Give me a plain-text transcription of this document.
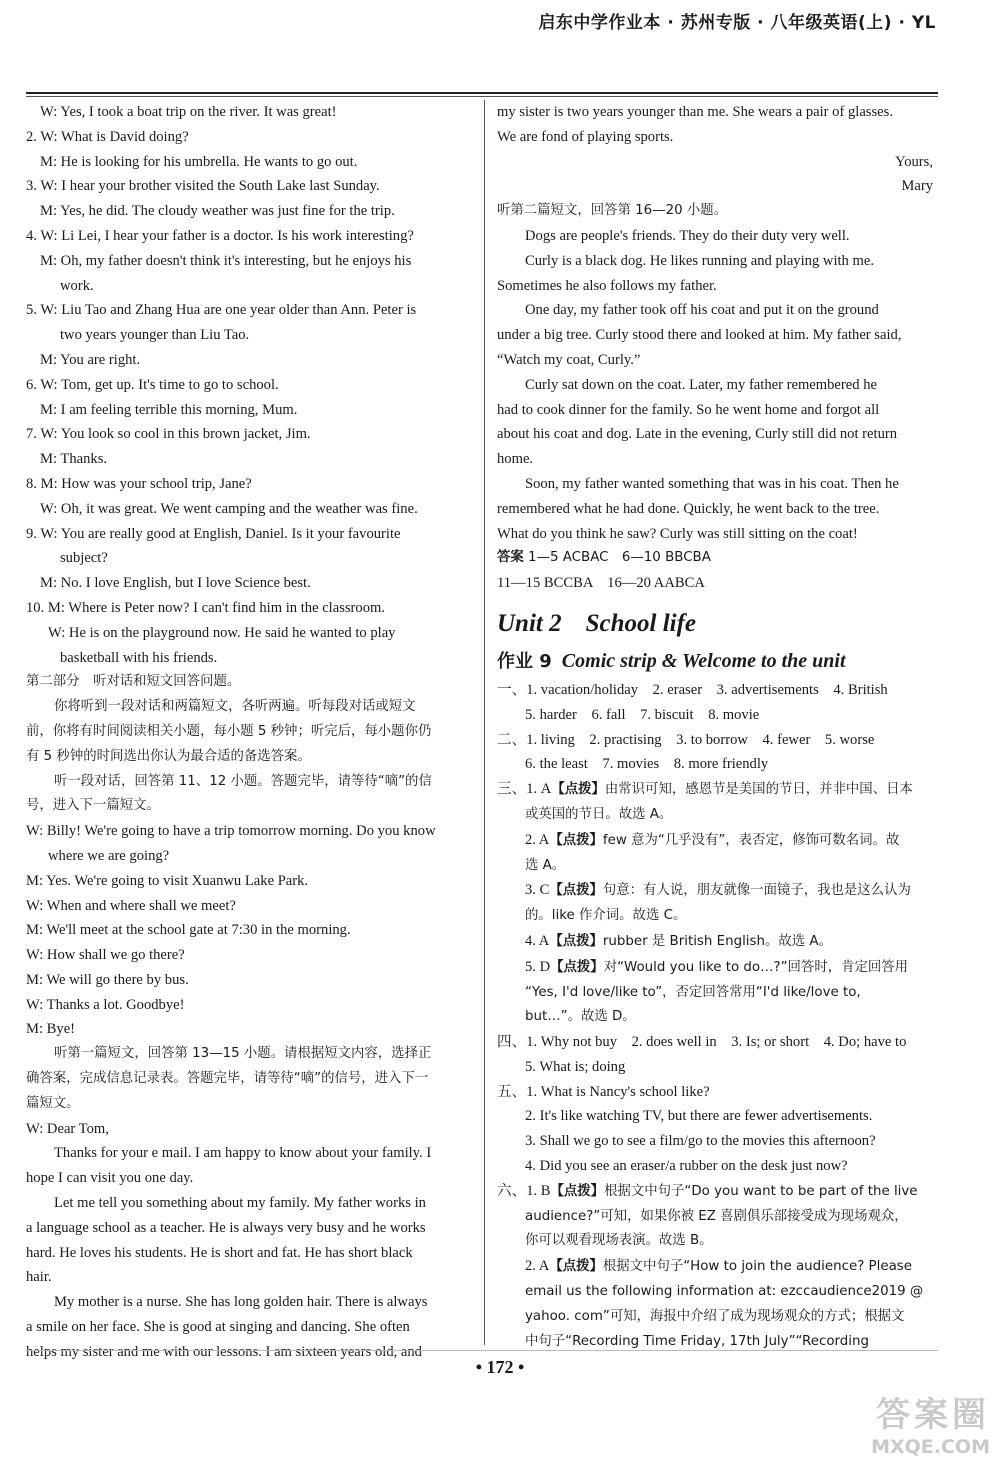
启东中学作业本 · 苏州专版 · 八年级英语(上) · YL
W: Yes, I took a boat trip on the river. It was great!
2. W: What is David doing?
M: He is looking for his umbrella. He wants to go out.
3. W: I hear your brother visited the South Lake last Sunday.
M: Yes, he did. The cloudy weather was just fine for the trip.
4. W: Li Lei, I hear your father is a doctor. Is his work interesting?
M: Oh, my father doesn't think it's interesting, but he enjoys his
work.
5. W: Liu Tao and Zhang Hua are one year older than Ann. Peter is
two years younger than Liu Tao.
M: You are right.
6. W: Tom, get up. It's time to go to school.
M: I am feeling terrible this morning, Mum.
7. W: You look so cool in this brown jacket, Jim.
M: Thanks.
8. M: How was your school trip, Jane?
W: Oh, it was great. We went camping and the weather was fine.
9. W: You are really good at English, Daniel. Is it your favourite
subject?
M: No. I love English, but I love Science best.
10. M: Where is Peter now? I can't find him in the classroom.
W: He is on the playground now. He said he wanted to play
basketball with his friends.
第二部分　听对话和短文回答问题。
你将听到一段对话和两篇短文，各听两遍。听每段对话或短文
前，你将有时间阅读相关小题，每小题 5 秒钟；听完后，每小题你仍
有 5 秒钟的时间选出你认为最合适的备选答案。
听一段对话，回答第 11、12 小题。答题完毕，请等待“嘀”的信
号，进入下一篇短文。
W: Billy! We're going to have a trip tomorrow morning. Do you know
where we are going?
M: Yes. We're going to visit Xuanwu Lake Park.
W: When and where shall we meet?
M: We'll meet at the school gate at 7:30 in the morning.
W: How shall we go there?
M: We will go there by bus.
W: Thanks a lot. Goodbye!
M: Bye!
听第一篇短文，回答第 13—15 小题。请根据短文内容，选择正
确答案，完成信息记录表。答题完毕，请等待“嘀”的信号，进入下一
篇短文。
W: Dear Tom,
Thanks for your e mail. I am happy to know about your family. I
hope I can visit you one day.
Let me tell you something about my family. My father works in
a language school as a teacher. He is always very busy and he works
hard. He loves his students. He is short and fat. He has short black
hair.
My mother is a nurse. She has long golden hair. There is always
a smile on her face. She is good at singing and dancing. She often
helps my sister and me with our lessons. I am sixteen years old, and
my sister is two years younger than me. She wears a pair of glasses.
We are fond of playing sports.
Yours,
Mary
听第二篇短文，回答第 16—20 小题。
Dogs are people's friends. They do their duty very well.
Curly is a black dog. He likes running and playing with me.
Sometimes he also follows my father.
One day, my father took off his coat and put it on the ground
under a big tree. Curly stood there and looked at him. My father said,
“Watch my coat, Curly.”
Curly sat down on the coat. Later, my father remembered he
had to cook dinner for the family. So he went home and forgot all
about his coat and dog. Late in the evening, Curly still did not return
home.
Soon, my father wanted something that was in his coat. Then he
remembered what he had done. Quickly, he went back to the tree.
What do you think he saw? Curly was still sitting on the coat!
答案 1—5 ACBAC　6—10 BBCBA
11—15 BCCBA　16—20 AABCA
Unit 2 School life
作业 9 Comic strip & Welcome to the unit
一、1. vacation/holiday　2. eraser　3. advertisements　4. British
5. harder　6. fall　7. biscuit　8. movie
二、1. living　2. practising　3. to borrow　4. fewer　5. worse
6. the least　7. movies　8. more friendly
三、1. A【点拨】由常识可知，感恩节是美国的节日，并非中国、日本
或英国的节日。故选 A。
2. A【点拨】few 意为“几乎没有”，表否定，修饰可数名词。故
选 A。
3. C【点拨】句意：有人说，朋友就像一面镜子，我也是这么认为
的。like 作介词。故选 C。
4. A【点拨】rubber 是 British English。故选 A。
5. D【点拨】对“Would you like to do…?”回答时，肯定回答用
“Yes, I'd love/like to”，否定回答常用“I'd like/love to,
but…”。故选 D。
四、1. Why not buy　2. does well in　3. Is; or short　4. Do; have to
5. What is; doing
五、1. What is Nancy's school like?
2. It's like watching TV, but there are fewer advertisements.
3. Shall we go to see a film/go to the movies this afternoon?
4. Did you see an eraser/a rubber on the desk just now?
六、1. B【点拨】根据文中句子“Do you want to be part of the live
audience?”可知，如果你被 EZ 喜剧俱乐部接受成为现场观众，
你可以观看现场表演。故选 B。
2. A【点拨】根据文中句子“How to join the audience? Please
email us the following information at: ezccaudience2019 @
yahoo. com”可知，海报中介绍了成为现场观众的方式；根据文
中句子“Recording Time Friday, 17th July”“Recording
• 172 •
答案圈
MXQE.COM
